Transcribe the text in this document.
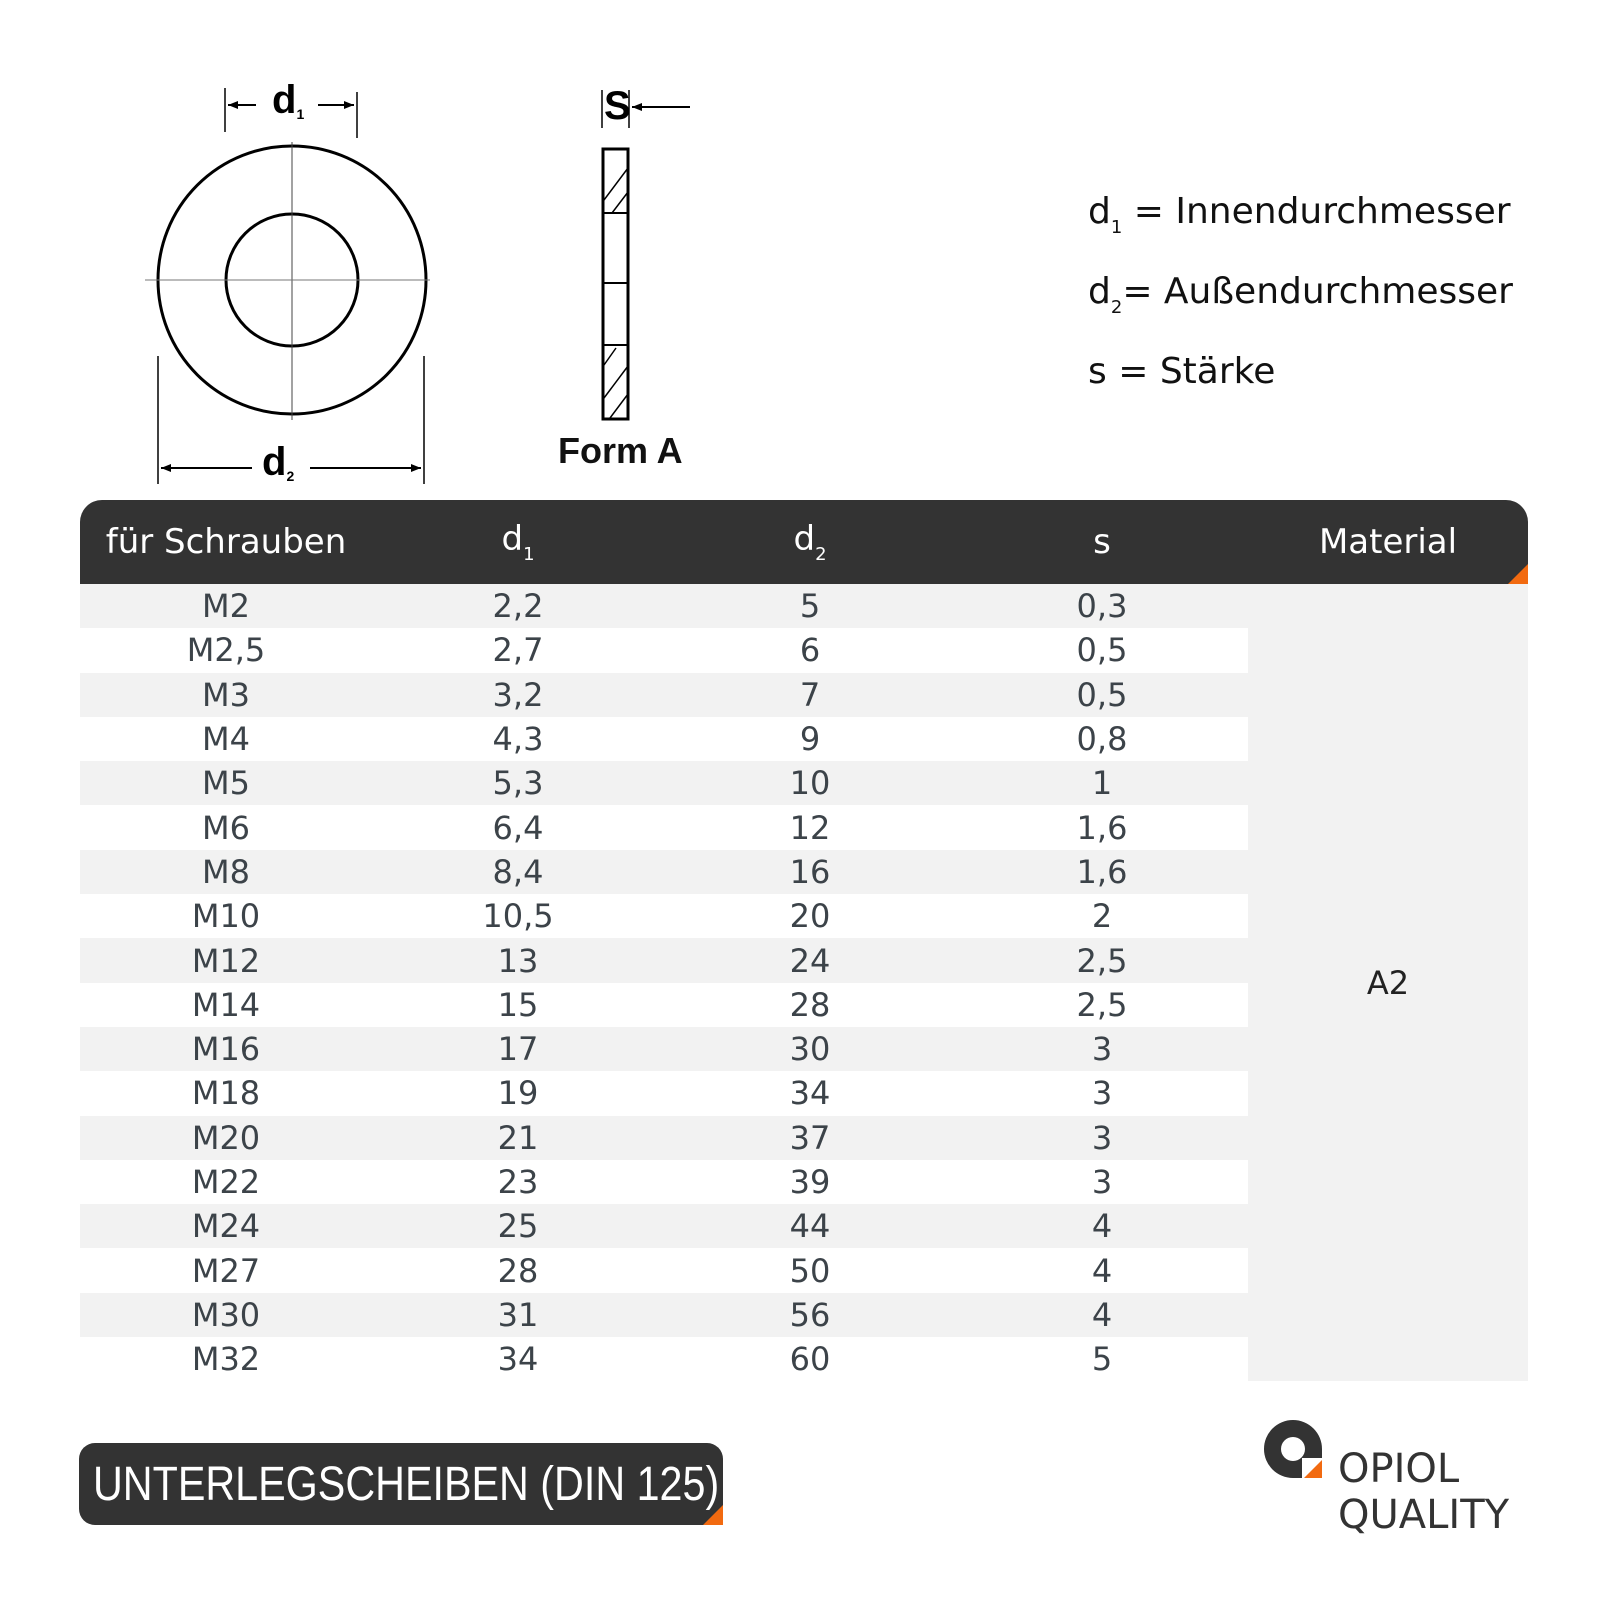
$d_1$
$d_2$
S
Form A
$d_1$ = Innendurchmesser
$d_2=$ Außendurchmesser
s = Stärke
für Schrauben	$d_1$	$d_2$	s	Material
M2	2,2	5	0,3
M2,5	2,7	6	0,5
M3	3,2	7	0,5
M4	4,3	9	0,8
M5	5,3	10	1
M6	6,4	12	1,6
M8	8,4	16	1,6
M10	10,5	20	2
M12	13	24	2,5
M14	15	28	2,5
M16	17	30	3
M18	19	34	3
M20	21	37	3
M22	23	39	3
M24	25	44	4
M27	28	50	4
M30	31	56	4
M32	34	60	5
A2
UNTERLEGSCHEIBEN (DIN 125)	OPIOL
QUALITY
